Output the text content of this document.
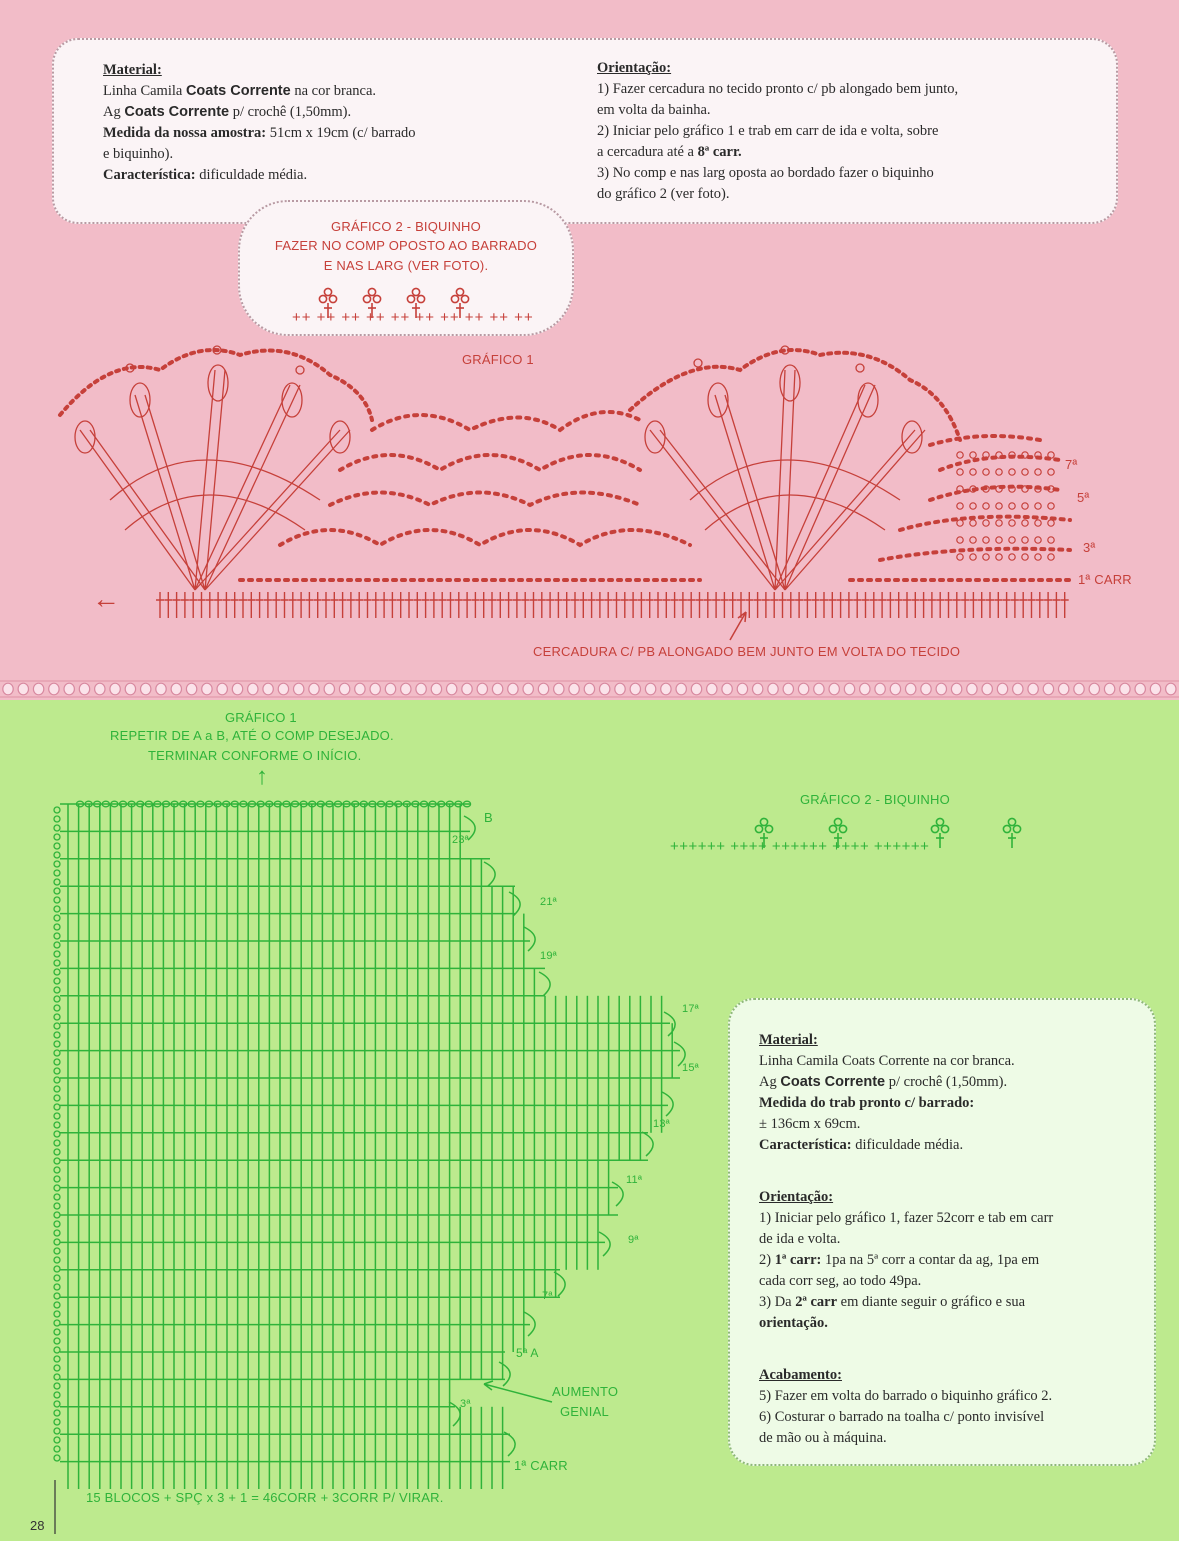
Material:

Linha Camila Coats Corrente na cor branca.

Ag Coats Corrente p/ crochê (1,50mm).

Medida da nossa amostra: 51cm x 19cm (c/ barrado

e biquinho).

Característica: dificuldade média.

Orientação:

1) Fazer cercadura no tecido pronto c/ pb alongado bem junto,

em volta da bainha.

2) Iniciar pelo gráfico 1 e trab em carr de ida e volta, sobre

a cercadura até a 8ª carr.

3) No comp e nas larg oposta ao bordado fazer o biquinho

do gráfico 2 (ver foto).

GRÁFICO 2 - BIQUINHO
FAZER NO COMP OPOSTO AO BARRADO
E NAS LARG (VER FOTO).
++ ++ ++ ++ ++ ++ ++ ++ ++ ++
GRÁFICO 1
7ª
5ª
3ª
1ª CARR
←
CERCADURA C/ PB ALONGADO BEM JUNTO EM VOLTA DO TECIDO
GRÁFICO 1
REPETIR DE A a B, ATÉ O COMP DESEJADO.
TERMINAR CONFORME O INÍCIO.
↑
B
23ª
21ª
19ª
17ª
15ª
13ª
11ª
9ª
7ª
5ª A
3ª
1ª CARR
AUMENTO
GENIAL
15 BLOCOS + SPÇ x 3 + 1 = 46CORR + 3CORR P/ VIRAR.
GRÁFICO 2 - BIQUINHO
++++++ ++++ ++++++ ++++ ++++++

Material:

Linha Camila Coats Corrente na cor branca.

Ag Coats Corrente p/ crochê (1,50mm).

Medida do trab pronto c/ barrado:

± 136cm x 69cm.

Característica: dificuldade média.

Orientação:

1) Iniciar pelo gráfico 1, fazer 52corr e tab em carr

de ida e volta.

2) 1ª carr: 1pa na 5ª corr a contar da ag, 1pa em

cada corr seg, ao todo 49pa.

3) Da 2ª carr em diante seguir o gráfico e sua

orientação.

Acabamento:

5) Fazer em volta do barrado o biquinho gráfico 2.

6) Costurar o barrado na toalha c/ ponto invisível

de mão ou à máquina.

28
